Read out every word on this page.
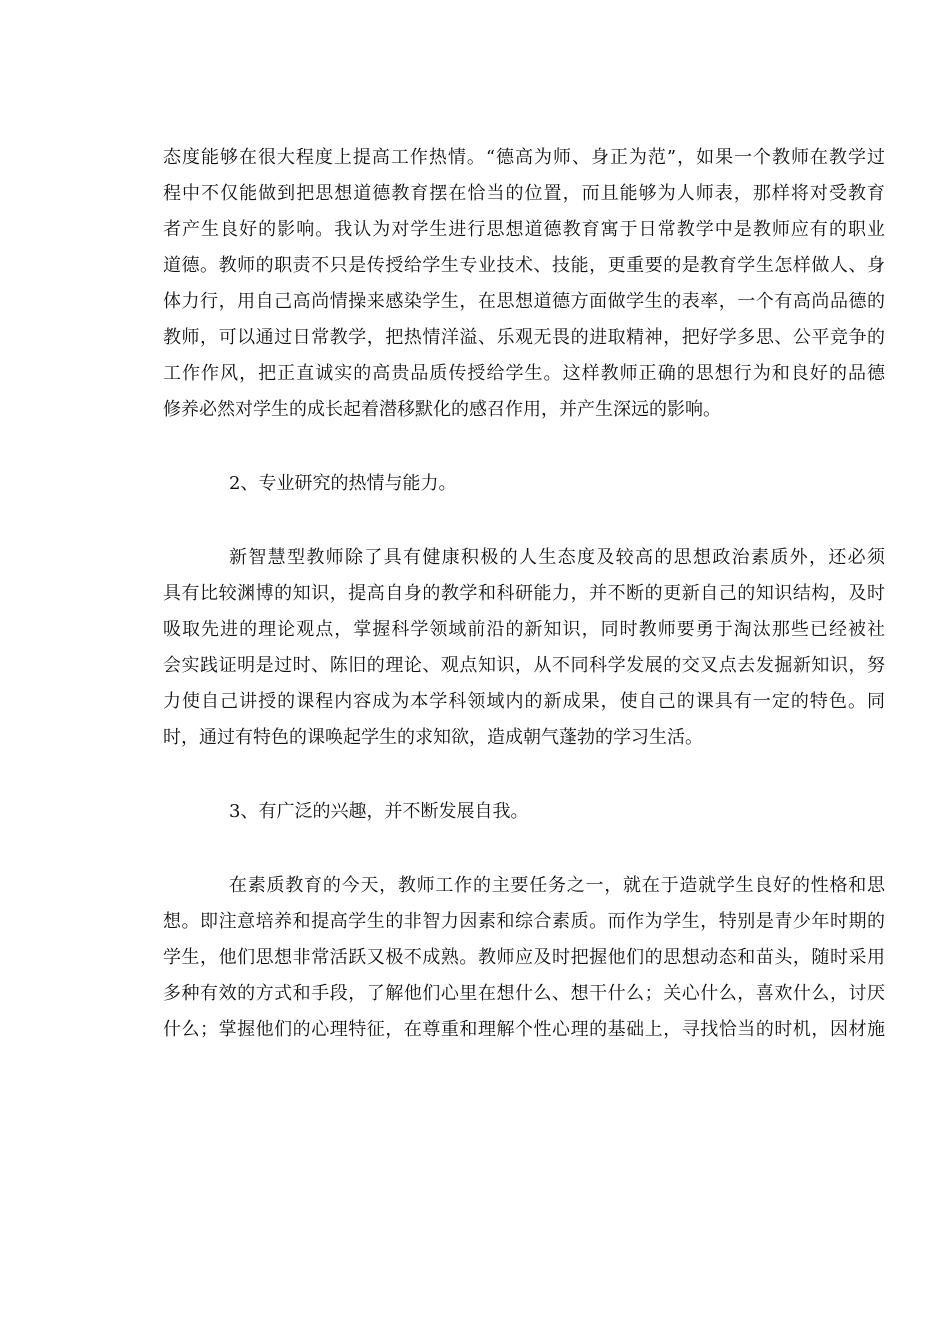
态度能够在很大程度上提高工作热情。“德高为师、身正为范”，如果一个教师在教学过
程中不仅能做到把思想道德教育摆在恰当的位置，而且能够为人师表，那样将对受教育
者产生良好的影响。我认为对学生进行思想道德教育寓于日常教学中是教师应有的职业
道德。教师的职责不只是传授给学生专业技术、技能，更重要的是教育学生怎样做人、身
体力行，用自己高尚情操来感染学生，在思想道德方面做学生的表率，一个有高尚品德的
教师，可以通过日常教学，把热情洋溢、乐观无畏的进取精神，把好学多思、公平竞争的
工作作风，把正直诚实的高贵品质传授给学生。这样教师正确的思想行为和良好的品德
修养必然对学生的成长起着潜移默化的感召作用，并产生深远的影响。
2、专业研究的热情与能力。
新智慧型教师除了具有健康积极的人生态度及较高的思想政治素质外，还必须
具有比较渊博的知识，提高自身的教学和科研能力，并不断的更新自己的知识结构，及时
吸取先进的理论观点，掌握科学领域前沿的新知识，同时教师要勇于淘汰那些已经被社
会实践证明是过时、陈旧的理论、观点知识，从不同科学发展的交叉点去发掘新知识，努
力使自己讲授的课程内容成为本学科领域内的新成果，使自己的课具有一定的特色。同
时，通过有特色的课唤起学生的求知欲，造成朝气蓬勃的学习生活。
3、有广泛的兴趣，并不断发展自我。
在素质教育的今天，教师工作的主要任务之一，就在于造就学生良好的性格和思
想。即注意培养和提高学生的非智力因素和综合素质。而作为学生，特别是青少年时期的
学生，他们思想非常活跃又极不成熟。教师应及时把握他们的思想动态和苗头，随时采用
多种有效的方式和手段，了解他们心里在想什么、想干什么；关心什么，喜欢什么，讨厌
什么；掌握他们的心理特征，在尊重和理解个性心理的基础上，寻找恰当的时机，因材施
